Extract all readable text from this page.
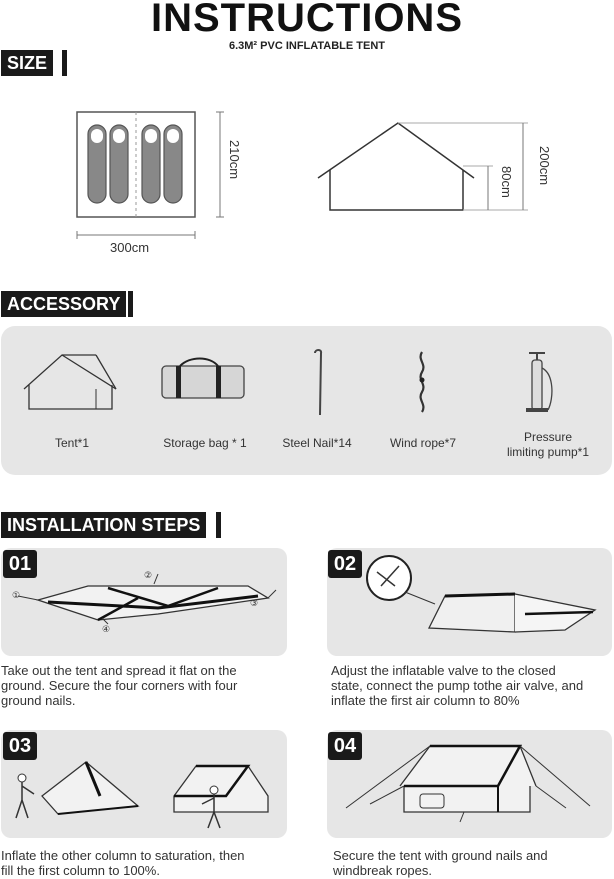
INSTRUCTIONS
6.3M² PVC INFLATABLE TENT
SIZE
210cm
300cm
200cm
80cm
ACCESSORY
Tent*1	Storage bag * 1	Steel Nail*14	Wind rope*7	Pressure
limiting pump*1
INSTALLATION STEPS
01
①
②
③
④
Take out the tent and spread it flat on the
ground. Secure the four corners with four
ground nails.
02
Adjust the inflatable valve to the closed
state, connect the pump tothe air valve, and
inflate the first air column to 80%
03
Inflate the other column to saturation, then
fill the first column to 100%.
04
Secure the tent with ground nails and
windbreak ropes.
